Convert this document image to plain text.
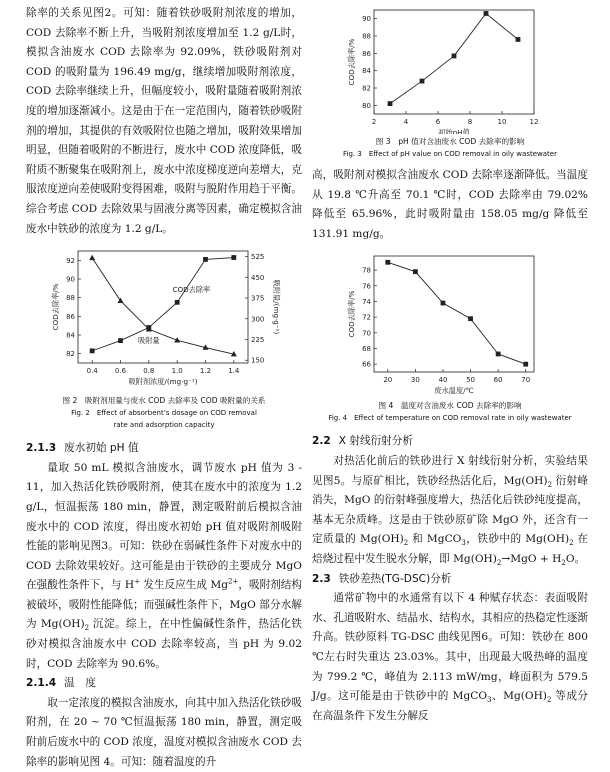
除率的关系见图2。可知：随着铁砂吸附剂浓度的增加，COD 去除率不断上升，当吸附剂浓度增加至 1.2 g/L时，模拟含油废水 COD 去除率为 92.09%，铁砂吸附剂对 COD 的吸附量为 196.49 mg/g，继续增加吸附剂浓度，COD 去除率继续上升，但幅度较小，吸附量随着吸附剂浓度的增加逐渐减小。这是由于在一定范围内，随着铁砂吸附剂的增加，其提供的有效吸附位也随之增加，吸附效果增加明显，但随着吸附的不断进行，废水中 COD 浓度降低，吸附质不断聚集在吸附剂上，废水中浓度梯度逆向差增大，克服浓度逆向差使吸附变得困难，吸附与脱附作用趋于平衡。综合考虑 COD 去除效果与固液分离等因素，确定模拟含油废水中铁砂的浓度为 1.2 g/L。

0.4 0.6 0.8 1.0 1.2 1.4
吸附剂浓度/(mg·g⁻¹)
82
84
86
88
90
92
COD去除率/%
150
225
300
375
450
525
吸附量/(mg·g⁻¹)
COD去除率
吸附量
图 2　吸附剂用量与废水 COD 去除率及 COD 吸附量的关系
Fig. 2　Effect of absorbent’s dosage on COD removal
rate and adsorption capacity

2.1.3 废水初始 pH 值

量取 50 mL 模拟含油废水，调节废水 pH 值为 3 - 11，加入热活化铁砂吸附剂，使其在废水中的浓度为 1.2 g/L，恒温振荡 180 min，静置，测定吸附前后模拟含油废水中的 COD 浓度，得出废水初始 pH 值对吸附剂吸附性能的影响见图3。可知：铁砂在弱碱性条件下对废水中的 COD 去除效果较好。这可能是由于铁砂的主要成分 MgO 在强酸性条件下，与 H+ 发生反应生成 $Mg^{2+}$，吸附剂结构被破坏，吸附性能降低；而强碱性条件下，MgO 部分水解为 $Mg(OH)_2$ 沉淀。综上，在中性偏碱性条件，热活化铁砂对模拟含油废水中 COD 去除率较高，当 pH 为 9.02 时，COD 去除率为 90.6%。

2.1.4 温　度

取一定浓度的模拟含油废水，向其中加入热活化铁砂吸附剂，在 20 ~ 70 ℃恒温振荡 180 min，静置，测定吸附前后废水中的 COD 浓度，温度对模拟含油废水 COD 去除率的影响见图 4。可知：随着温度的升

2	4	6	8	10	12
初始pH值
80
82
84
86
88
90
COD去除率/%
图 3　pH 值对含油废水 COD 去除率的影响
Fig. 3　Effect of pH value on COD removal in oily wastewater

高，吸附剂对模拟含油废水 COD 去除率逐渐降低。当温度从 19.8 ℃升高至 70.1 ℃时，COD 去除率由 79.02% 降低至 65.96%，此时吸附量由 158.05 mg/g 降低至 131.91 mg/g。

20	30	40	50	60	70
废水温度/℃
66
68
70
72
74
76
78
COD去除率/%
图 4　温度对含油废水 COD 去除率的影响
Fig. 4　Effect of temperature on COD removal rate in oily wastewater

2.2 X 射线衍射分析

对热活化前后的铁砂进行 X 射线衍射分析，实验结果见图5。与原矿相比，铁砂经热活化后，$Mg(OH)_2$ 衍射峰消失，MgO 的衍射峰强度增大，热活化后铁砂纯度提高，基本无杂质峰。这是由于铁砂原矿除 MgO 外，还含有一定质量的 $Mg(OH)_2$ 和 MgCO$_3$，铁砂中的 $Mg(OH)_2$ 在焙烧过程中发生脱水分解，即 $Mg(OH)_2\to MgO + H_2O$。

2.3 铁砂差热(TG-DSC)分析

通常矿物中的水通常有以下 4 种赋存状态：表面吸附水、孔道吸附水、结晶水、结构水，其相应的热稳定性逐渐升高。铁砂原料 TG-DSC 曲线见图6。可知：铁砂在 800 ℃左右时失重达 23.03%。其中，出现最大吸热峰的温度为 799.2 ℃，峰值为 2.113 mW/mg，峰面积为 579.5 J/g。这可能是由于铁砂中的 MgCO$_3$、$Mg(OH)_2$ 等成分在高温条件下发生分解反
